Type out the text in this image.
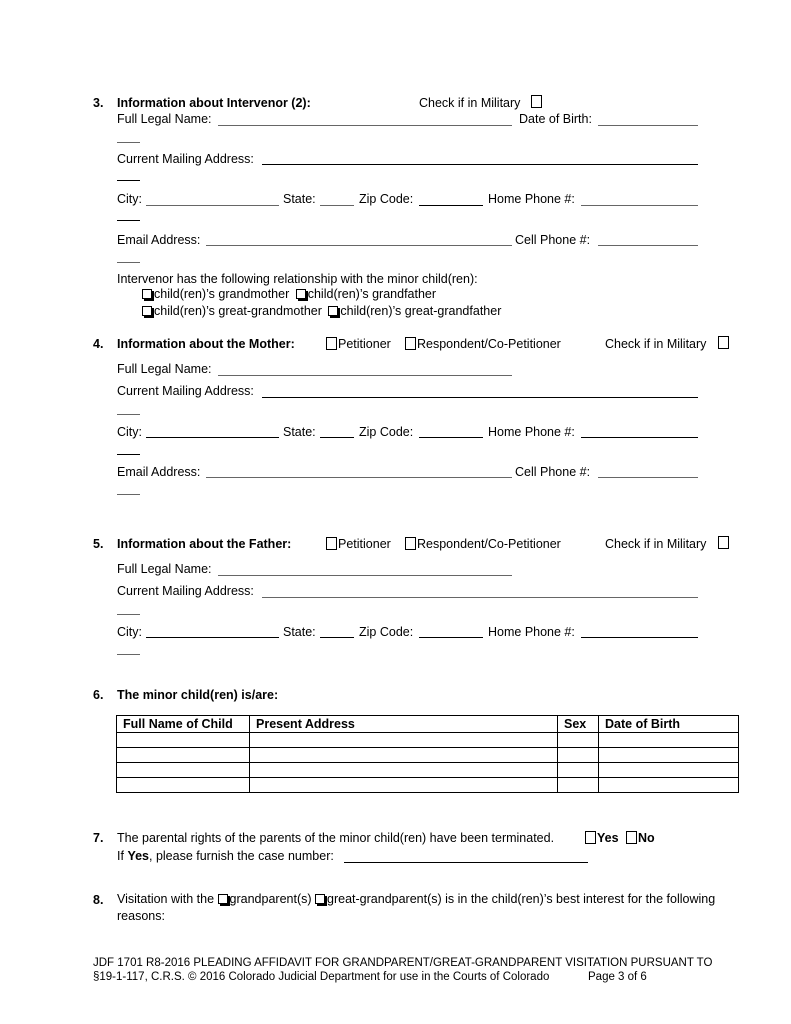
3. Information about Intervenor (2):	Check if in Military
Full Legal Name:	Date of Birth:
Current Mailing Address:
City:	State:	Zip Code:	Home Phone #:
Email Address:	Cell Phone #:
Intervenor has the following relationship with the minor child(ren):
child(ren)’s grandmother child(ren)’s grandfather
child(ren)’s great-grandmother child(ren)’s great-grandfather
4. Information about the Mother:	Petitioner	Respondent/Co-Petitioner	Check if in Military
Full Legal Name:
Current Mailing Address:
City:	State:	Zip Code:	Home Phone #:
Email Address:	Cell Phone #:
5. Information about the Father:	Petitioner	Respondent/Co-Petitioner	Check if in Military
Full Legal Name:
Current Mailing Address:
City:	State:	Zip Code:	Home Phone #:
6. The minor child(ren) is/are:
Full Name of Child	Present Address	Sex	Date of Birth

7. The parental rights of the parents of the minor child(ren) have been terminated.	Yes	No
If Yes, please furnish the case number:
8. Visitation with the grandparent(s) great-grandparent(s) is in the child(ren)’s best interest for the following
reasons:
JDF 1701 R8-2016 PLEADING AFFIDAVIT FOR GRANDPARENT/GREAT-GRANDPARENT VISITATION PURSUANT TO
§19-1-117, C.R.S. © 2016 Colorado Judicial Department for use in the Courts of Colorado	Page 3 of 6
